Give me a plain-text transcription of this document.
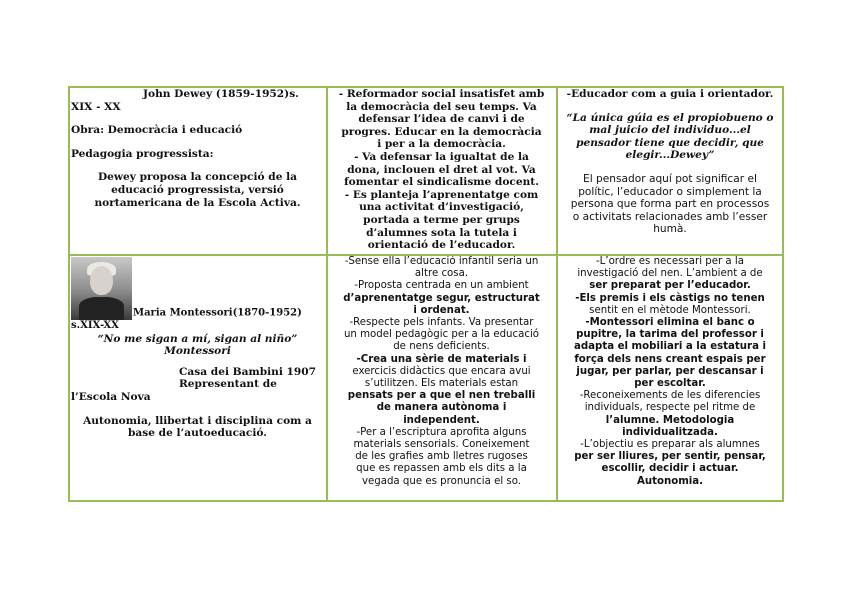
John Dewey (1859-1952)s.
XIX - XX
Obra: Democràcia i educació
Pedagogia progressista:
Dewey proposa la concepció de la
educació progressista, versió
nortamericana de la Escola Activa.
- Reformador social insatisfet amb
la democràcia del seu temps. Va
defensar l’idea de canvi i de
progres. Educar en la democràcia
i per a la democràcia.
- Va defensar la igualtat de la
dona, inclouen el dret al vot. Va
fomentar el sindicalisme docent.
- Es planteja l’aprenentatge com
una activitat d’investigació,
portada a terme per grups
d’alumnes sota la tutela i
orientació de l’educador.
-Educador com a guia i orientador.
“La única gúia es el propiobueno o
mal juicio del individuo...el
pensador tiene que decidir, que
elegir...Dewey”
El pensador aquí pot significar el
polític, l’educador o simplement la
persona que forma part en processos
o activitats relacionades amb l’esser
humà.
Maria Montessori(1870-1952)
s.XIX-XX
“No me sigan a mí, sigan al niño”
Montessori
Casa dei Bambini 1907
Representant de
l’Escola Nova
Autonomia, llibertat i disciplina com a
base de l’autoeducació.
-Sense ella l’educació infantil seria un
altre cosa.
-Proposta centrada en un ambient
d’aprenentatge segur, estructurat
i ordenat.
-Respecte pels infants. Va presentar
un model pedagògic per a la educació
de nens deficients.
-Crea una sèrie de materials i
exercicis didàctics que encara avui
s’utilitzen. Els materials estan
pensats per a que el nen treballi
de manera autònoma i
independent.
-Per a l’escriptura aprofita alguns
materials sensorials. Coneixement
de les grafies amb lletres rugoses
que es repassen amb els dits a la
vegada que es pronuncia el so.
-L’ordre es necessari per a la
investigació del nen. L’ambient a de
ser preparat per l’educador.
-Els premis i els càstigs no tenen
sentit en el mètode Montessori.
-Montessori elimina el banc o
pupitre, la tarima del professor i
adapta el mobiliari a la estatura i
força dels nens creant espais per
jugar, per parlar, per descansar i
per escoltar.
-Reconeixements de les diferencies
individuals, respecte pel ritme de
l’alumne. Metodologia
individualitzada.
-L’objectiu es preparar als alumnes
per ser lliures, per sentir, pensar,
escollir, decidir i actuar.
Autonomia.
